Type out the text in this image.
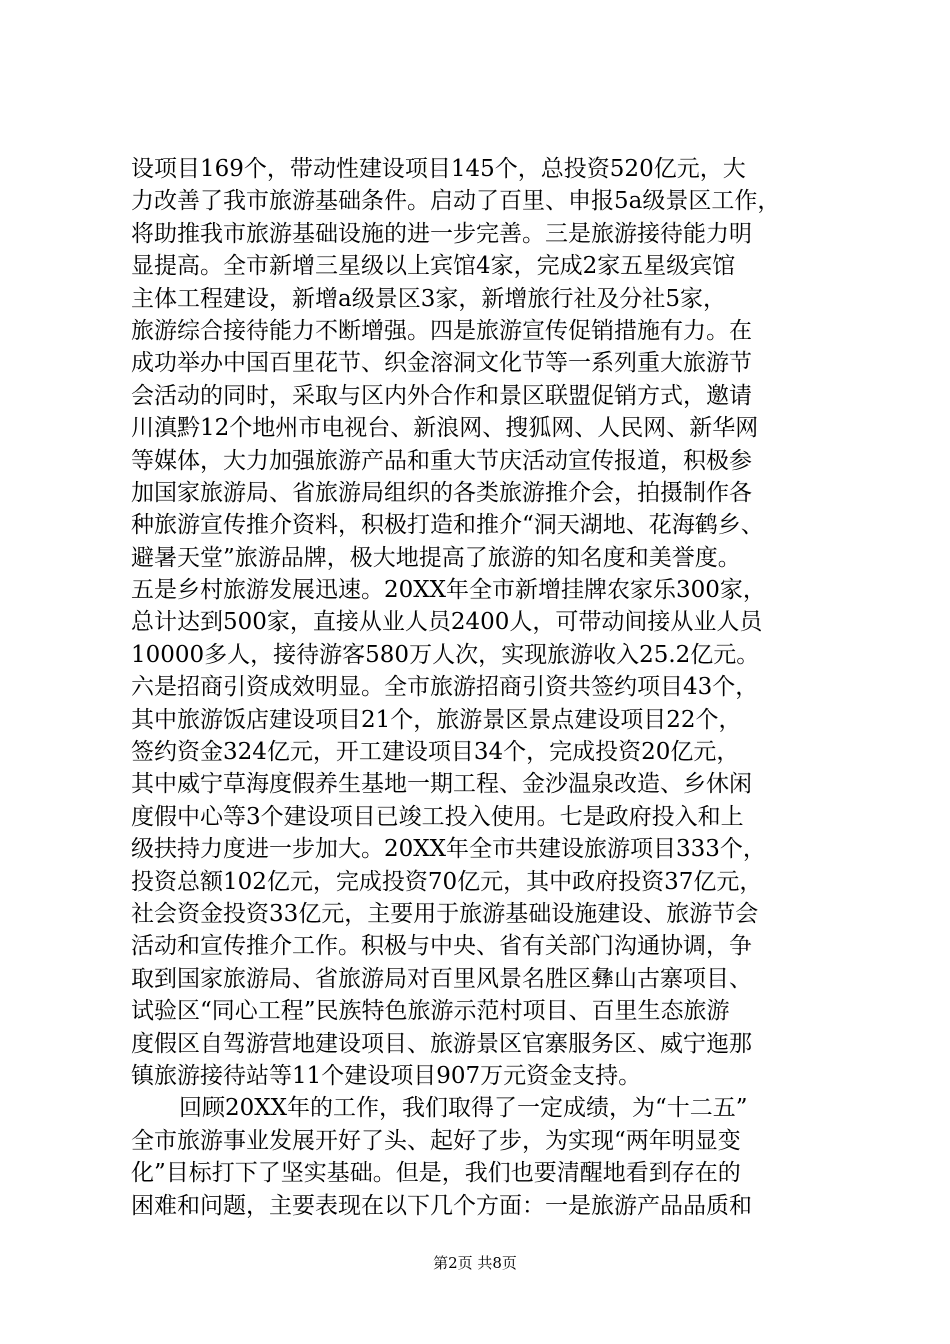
设项目169个，带动性建设项目145个，总投资520亿元，大
力改善了我市旅游基础条件。启动了百里、申报5a级景区工作，
将助推我市旅游基础设施的进一步完善。三是旅游接待能力明
显提高。全市新增三星级以上宾馆4家，完成2家五星级宾馆
主体工程建设，新增a级景区3家，新增旅行社及分社5家，
旅游综合接待能力不断增强。四是旅游宣传促销措施有力。在
成功举办中国百里花节、织金溶洞文化节等一系列重大旅游节
会活动的同时，采取与区内外合作和景区联盟促销方式，邀请
川滇黔12个地州市电视台、新浪网、搜狐网、人民网、新华网
等媒体，大力加强旅游产品和重大节庆活动宣传报道，积极参
加国家旅游局、省旅游局组织的各类旅游推介会，拍摄制作各
种旅游宣传推介资料，积极打造和推介“洞天湖地、花海鹤乡、
避暑天堂”旅游品牌，极大地提高了旅游的知名度和美誉度。
五是乡村旅游发展迅速。20XX年全市新增挂牌农家乐300家，
总计达到500家，直接从业人员2400人，可带动间接从业人员
10000多人，接待游客580万人次，实现旅游收入25.2亿元。
六是招商引资成效明显。全市旅游招商引资共签约项目43个，
其中旅游饭店建设项目21个，旅游景区景点建设项目22个，
签约资金324亿元，开工建设项目34个，完成投资20亿元，
其中威宁草海度假养生基地一期工程、金沙温泉改造、乡休闲
度假中心等3个建设项目已竣工投入使用。七是政府投入和上
级扶持力度进一步加大。20XX年全市共建设旅游项目333个，
投资总额102亿元，完成投资70亿元，其中政府投资37亿元，
社会资金投资33亿元，主要用于旅游基础设施建设、旅游节会
活动和宣传推介工作。积极与中央、省有关部门沟通协调，争
取到国家旅游局、省旅游局对百里风景名胜区彝山古寨项目、
试验区“同心工程”民族特色旅游示范村项目、百里生态旅游
度假区自驾游营地建设项目、旅游景区官寨服务区、威宁迤那
镇旅游接待站等11个建设项目907万元资金支持。
回顾20XX年的工作，我们取得了一定成绩，为“十二五”
全市旅游事业发展开好了头、起好了步，为实现“两年明显变
化”目标打下了坚实基础。但是，我们也要清醒地看到存在的
困难和问题，主要表现在以下几个方面：一是旅游产品品质和
第2页 共8页
